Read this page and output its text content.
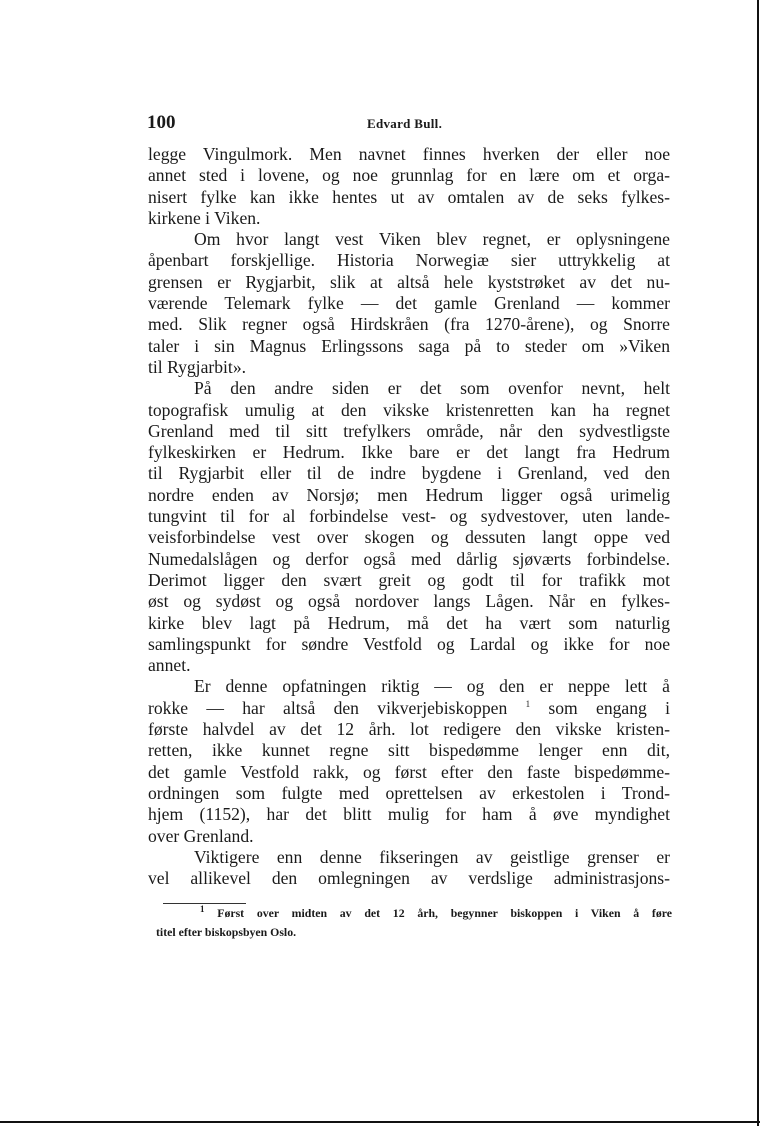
100	Edvard Bull.
legge Vingulmork. Men navnet finnes hverken der eller noe
annet sted i lovene, og noe grunnlag for en lære om et orga-
nisert fylke kan ikke hentes ut av omtalen av de seks fylkes-
kirkene i Viken.
Om hvor langt vest Viken blev regnet, er oplysningene
åpenbart forskjellige. Historia Norwegiæ sier uttrykkelig at
grensen er Rygjarbit, slik at altså hele kyststrøket av det nu-
værende Telemark fylke — det gamle Grenland — kommer
med. Slik regner også Hirdskråen (fra 1270-årene), og Snorre
taler i sin Magnus Erlingssons saga på to steder om »Viken
til Rygjarbit».
På den andre siden er det som ovenfor nevnt, helt
topografisk umulig at den vikske kristenretten kan ha regnet
Grenland med til sitt trefylkers område, når den sydvestligste
fylkeskirken er Hedrum. Ikke bare er det langt fra Hedrum
til Rygjarbit eller til de indre bygdene i Grenland, ved den
nordre enden av Norsjø; men Hedrum ligger også urimelig
tungvint til for al forbindelse vest- og sydvestover, uten lande-
veisforbindelse vest over skogen og dessuten langt oppe ved
Numedalslågen og derfor også med dårlig sjøværts forbindelse.
Derimot ligger den svært greit og godt til for trafikk mot
øst og sydøst og også nordover langs Lågen. Når en fylkes-
kirke blev lagt på Hedrum, må det ha vært som naturlig
samlingspunkt for søndre Vestfold og Lardal og ikke for noe
annet.
Er denne opfatningen riktig — og den er neppe lett å
rokke — har altså den vikverjebiskoppen $^1$ som engang i
første halvdel av det 12 årh. lot redigere den vikske kristen-
retten, ikke kunnet regne sitt bispedømme lenger enn dit,
det gamle Vestfold rakk, og først efter den faste bispedømme-
ordningen som fulgte med oprettelsen av erkestolen i Trond-
hjem (1152), har det blitt mulig for ham å øve myndighet
over Grenland.
Viktigere enn denne fikseringen av geistlige grenser er
vel allikevel den omlegningen av verdslige administrasjons-
$^1$ Først over midten av det 12 årh, begynner biskoppen i Viken å føre
titel efter biskopsbyen Oslo.
